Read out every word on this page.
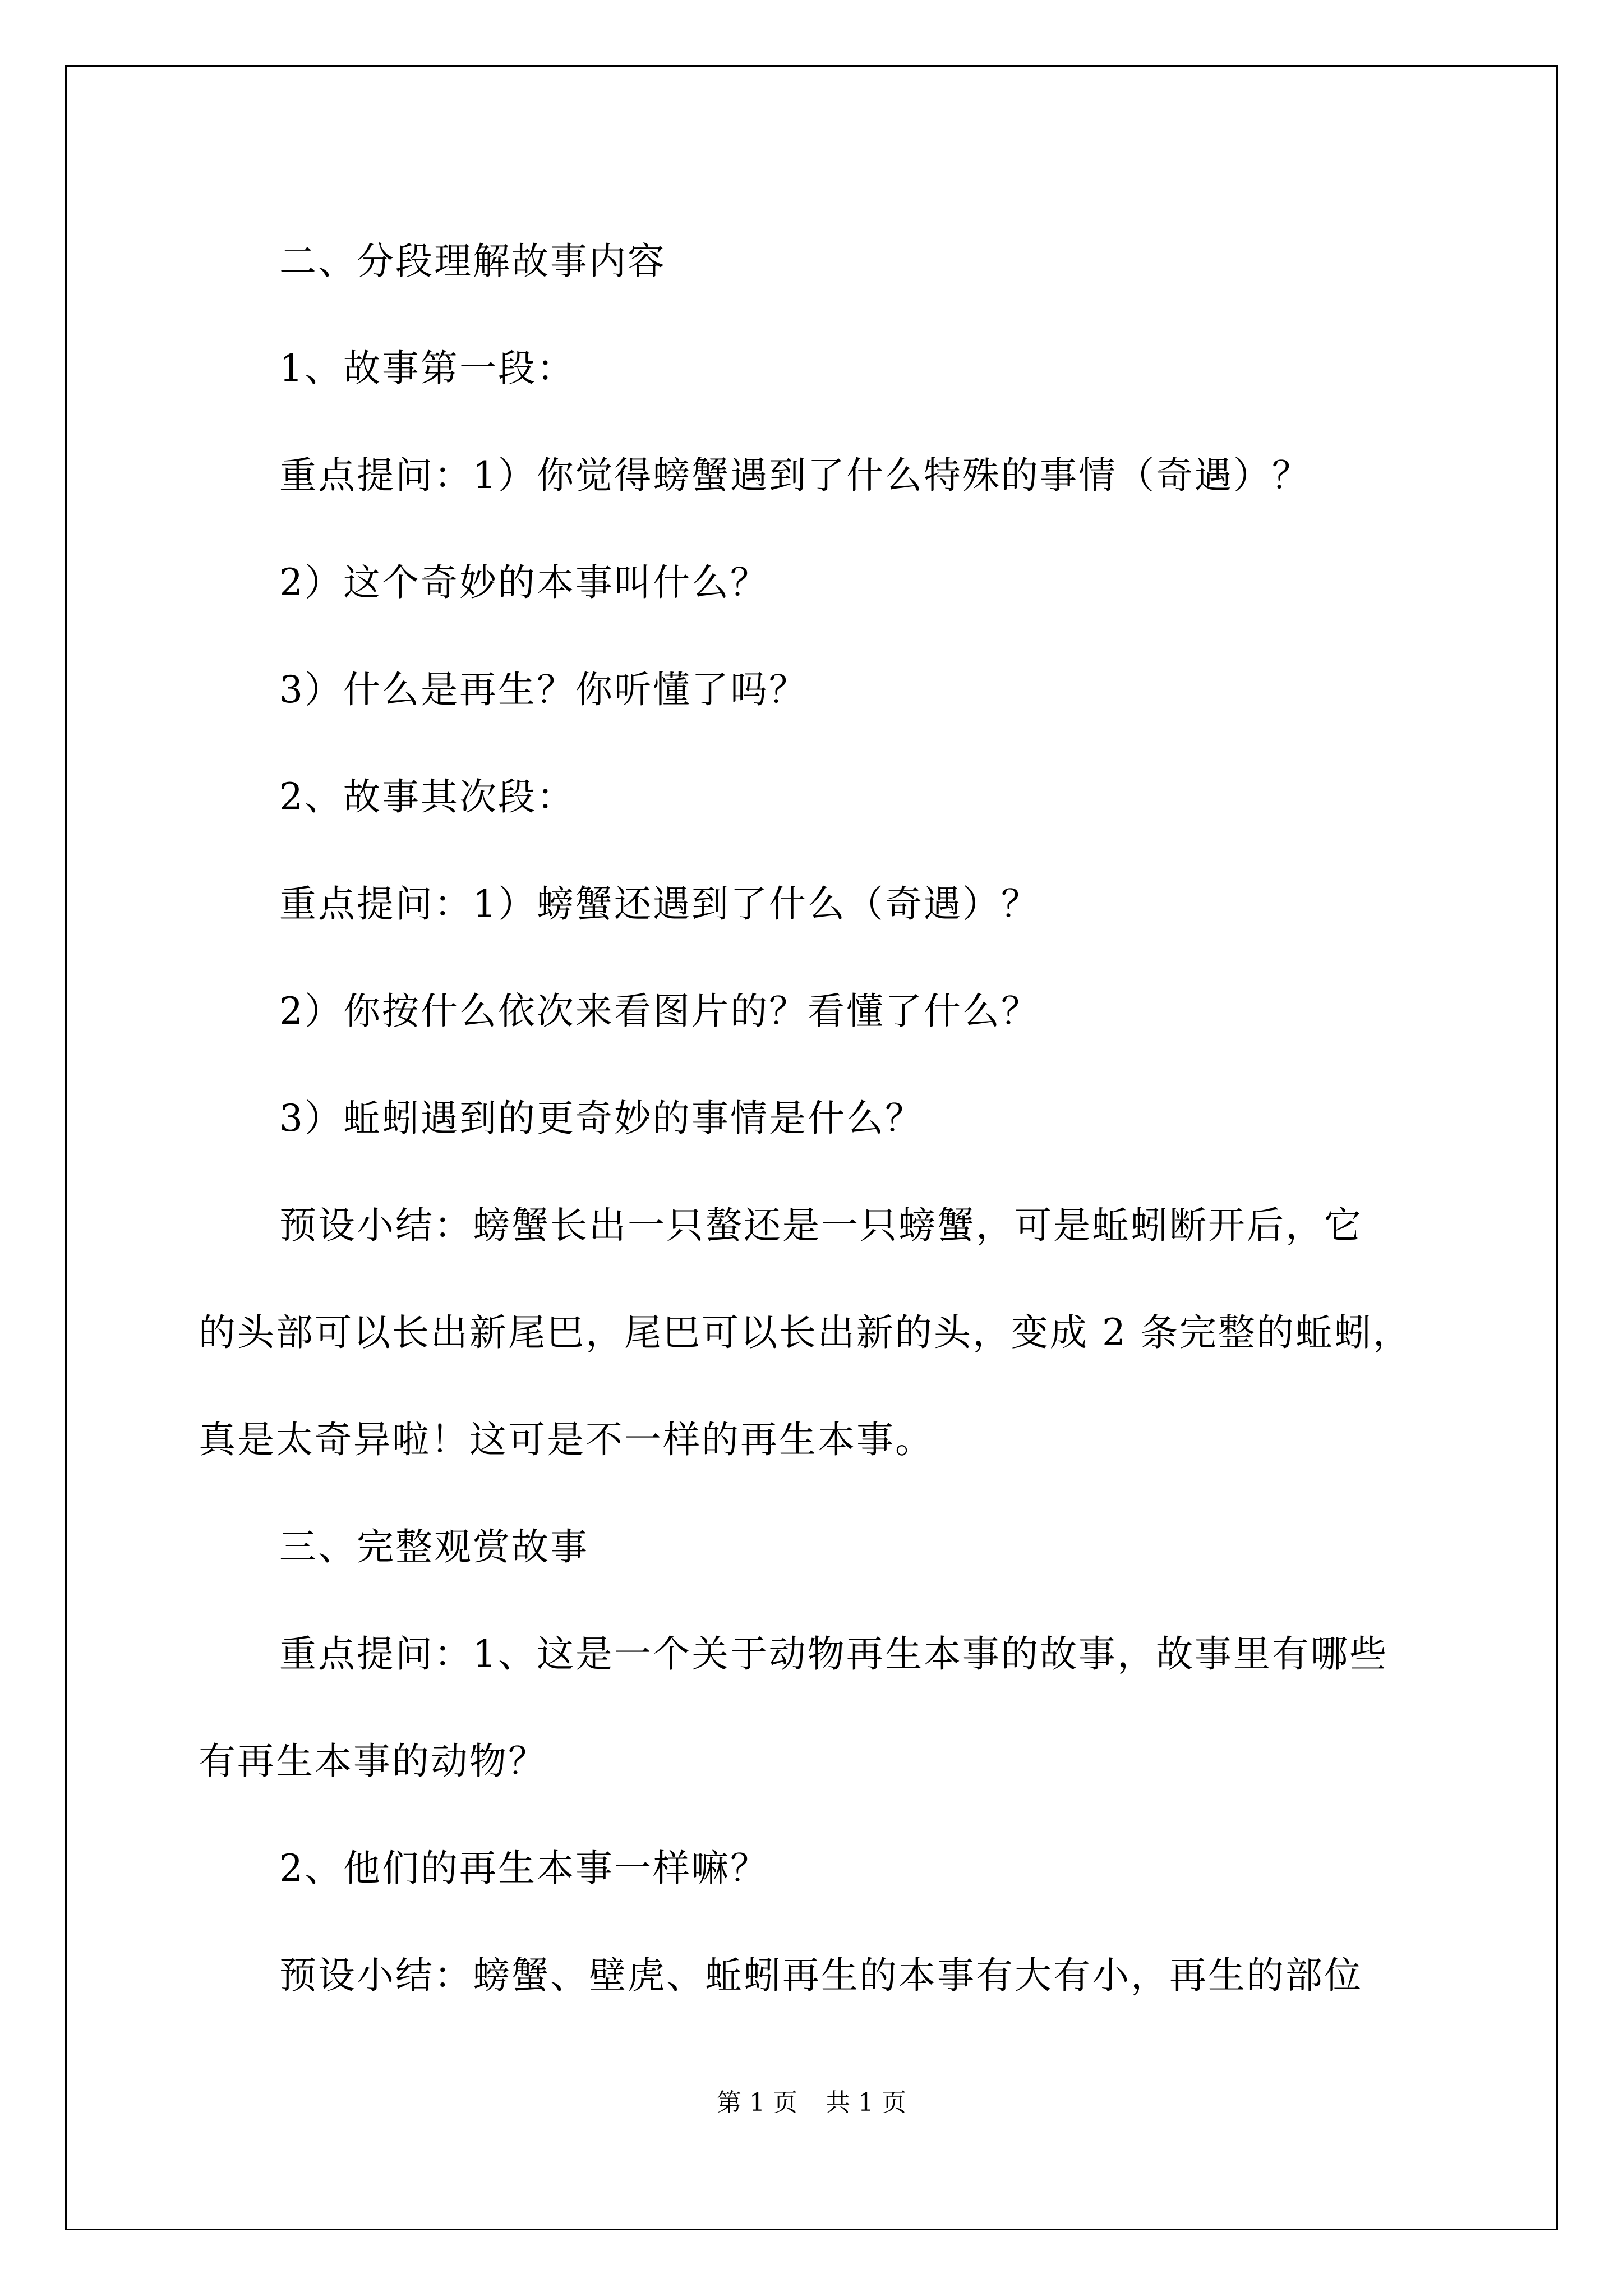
二、分段理解故事内容

1、故事第一段：

重点提问：1）你觉得螃蟹遇到了什么特殊的事情（奇遇）？

2）这个奇妙的本事叫什么？

3）什么是再生？你听懂了吗？

2、故事其次段：

重点提问：1）螃蟹还遇到了什么（奇遇）？

2）你按什么依次来看图片的？看懂了什么？

3）蚯蚓遇到的更奇妙的事情是什么？

预设小结：螃蟹长出一只螯还是一只螃蟹，可是蚯蚓断开后，它

的头部可以长出新尾巴，尾巴可以长出新的头，变成 2 条完整的蚯蚓，

真是太奇异啦！这可是不一样的再生本事。

三、完整观赏故事

重点提问：1、这是一个关于动物再生本事的故事，故事里有哪些

有再生本事的动物？

2、他们的再生本事一样嘛？

预设小结：螃蟹、壁虎、蚯蚓再生的本事有大有小，再生的部位

第 1 页 共 1 页
